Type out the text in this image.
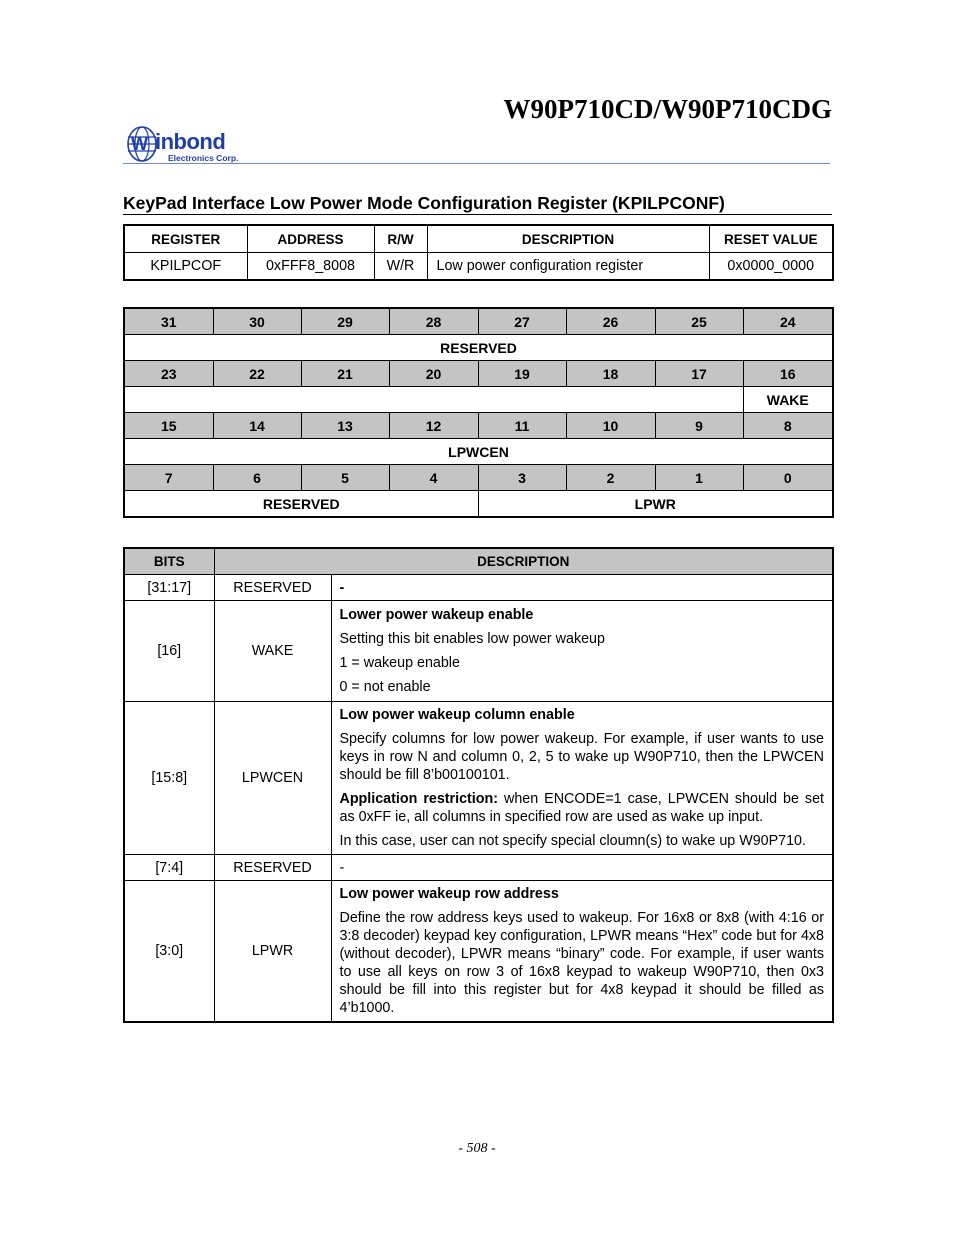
W90P710CD/W90P710CDG
W inbond
Electronics Corp.
KeyPad Interface Low Power Mode Configuration Register (KPILPCONF)
REGISTER	ADDRESS	R/W	DESCRIPTION	RESET VALUE
KPILPCOF	0xFFF8_8008	W/R	Low power configuration register	0x0000_0000
31	30	29	28	27	26	25	24
RESERVED							
23	22	21	20	19	18	17	16
							WAKE
15	14	13	12	11	10	9	8
LPWCEN							
7	6	5	4	3	2	1	0
RESERVED				LPWR			
BITS	DESCRIPTION	
[31:17]	RESERVED	-
[16]	WAKE	Lower power wakeup enable

Setting this bit enables low power wakeup

1 = wakeup enable

0 = not enable

[15:8]	LPWCEN	Low power wakeup column enable

Specify columns for low power wakeup. For example, if user wants to use keys in row N and column 0, 2, 5 to wake up W90P710, then the LPWCEN should be fill 8’b00100101.

Application restriction: when ENCODE=1 case, LPWCEN should be set as 0xFF ie, all columns in specified row are used as wake up input.

In this case, user can not specify special cloumn(s) to wake up W90P710.

[7:4]	RESERVED	-
[3:0]	LPWR	Low power wakeup row address

Define the row address keys used to wakeup. For 16x8 or 8x8 (with 4:16 or 3:8 decoder) keypad key configuration, LPWR means “Hex” code but for 4x8 (without decoder), LPWR means “binary” code. For example, if user wants to use all keys on row 3 of 16x8 keypad to wakeup W90P710, then 0x3 should be fill into this register but for 4x8 keypad it should be filled as 4’b1000.

- 508 -
